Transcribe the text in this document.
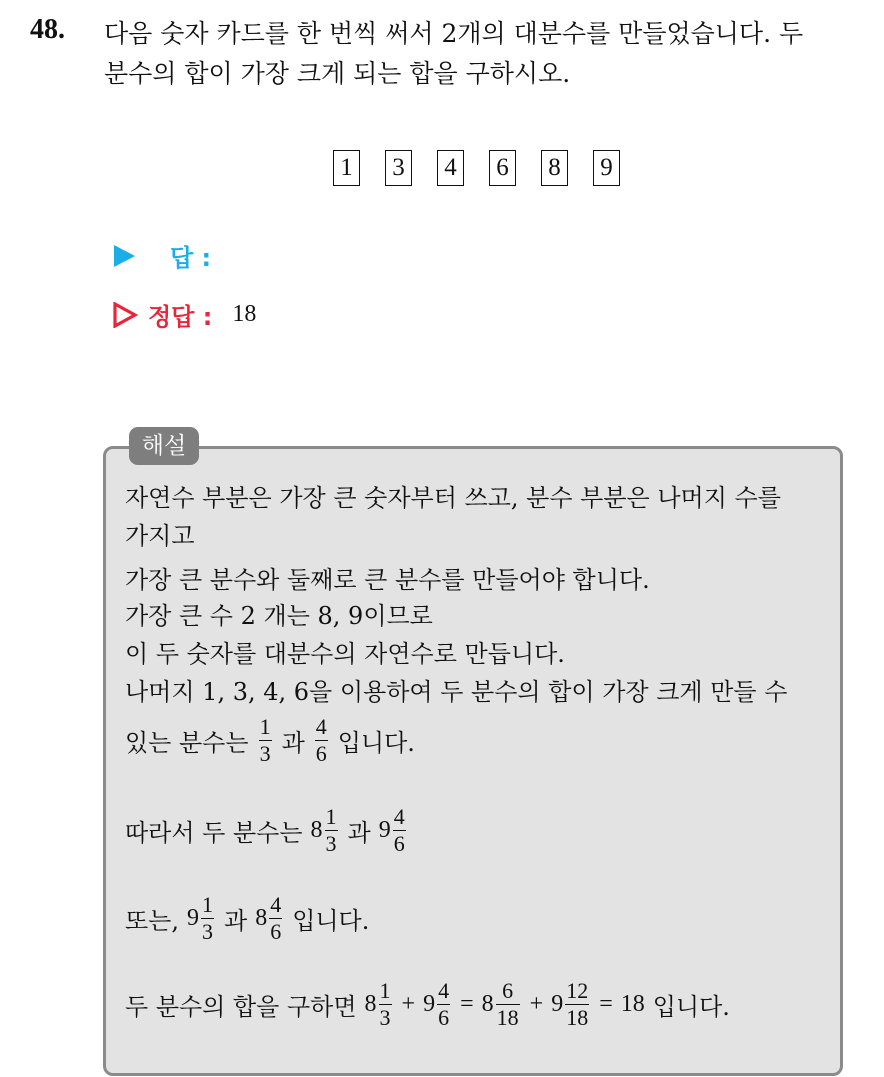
48. 다음 숫자 카드를 한 번씩 써서 2개의 대분수를 만들었습니다. 두
분수의 합이 가장 크게 되는 합을 구하시오.
1 3 4 6 8 9
답 :
정답 : 18
해설
자연수 부분은 가장 큰 숫자부터 쓰고, 분수 부분은 나머지 수를
가지고
가장 큰 분수와 둘째로 큰 분수를 만들어야 합니다.
가장 큰 수 2 개는 8, 9이므로
이 두 숫자를 대분수의 자연수로 만듭니다.
나머지 1, 3, 4, 6을 이용하여 두 분수의 합이 가장 크게 만들 수
있는 분수는 $\frac{1}{3}$ 과 $\frac{4}{6}$ 입니다.
따라서 두 분수는 $8 \frac{1}{3}$ 과 $9 \frac{4}{6}$
또는, $9 \frac{1}{3}$ 과 $8 \frac{4}{6}$ 입니다.
두 분수의 합을 구하면 $8 \frac{1}{3} + 9 \frac{4}{6} = 8 \frac{6}{18} + 9 \frac{12}{18} = 18$ 입니다.
